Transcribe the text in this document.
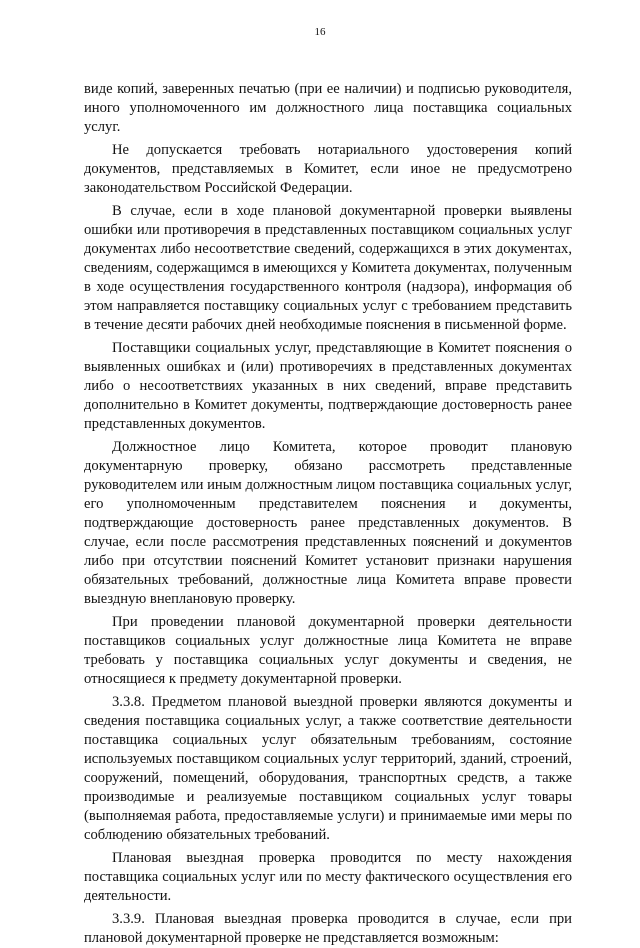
16

виде копий, заверенных печатью (при ее наличии) и подписью руководителя, иного уполномоченного им должностного лица поставщика социальных услуг.

Не допускается требовать нотариального удостоверения копий документов, представляемых в Комитет, если иное не предусмотрено законодательством Российской Федерации.

В случае, если в ходе плановой документарной проверки выявлены ошибки или противоречия в представленных поставщиком социальных услуг документах либо несоответствие сведений, содержащихся в этих документах, сведениям, содержащимся в имеющихся у Комитета документах, полученным в ходе осуществления государственного контроля (надзора), информация об этом направляется поставщику социальных услуг с требованием представить в течение десяти рабочих дней необходимые пояснения в письменной форме.

Поставщики социальных услуг, представляющие в Комитет пояснения о выявленных ошибках и (или) противоречиях в представленных документах либо о несоответствиях указанных в них сведений, вправе представить дополнительно в Комитет документы, подтверждающие достоверность ранее представленных документов.

Должностное лицо Комитета, которое проводит плановую документарную проверку, обязано рассмотреть представленные руководителем или иным должностным лицом поставщика социальных услуг, его уполномоченным представителем пояснения и документы, подтверждающие достоверность ранее представленных документов. В случае, если после рассмотрения представленных пояснений и документов либо при отсутствии пояснений Комитет установит признаки нарушения обязательных требований, должностные лица Комитета вправе провести выездную внеплановую проверку.

При проведении плановой документарной проверки деятельности поставщиков социальных услуг должностные лица Комитета не вправе требовать у поставщика социальных услуг документы и сведения, не относящиеся к предмету документарной проверки.

3.3.8. Предметом плановой выездной проверки являются документы и сведения поставщика социальных услуг, а также соответствие деятельности поставщика социальных услуг обязательным требованиям, состояние используемых поставщиком социальных услуг территорий, зданий, строений, сооружений, помещений, оборудования, транспортных средств, а также производимые и реализуемые поставщиком социальных услуг товары (выполняемая работа, предоставляемые услуги) и принимаемые ими меры по соблюдению обязательных требований.

Плановая выездная проверка проводится по месту нахождения поставщика социальных услуг или по месту фактического осуществления его деятельности.

3.3.9. Плановая выездная проверка проводится в случае, если при плановой документарной проверке не представляется возможным:
